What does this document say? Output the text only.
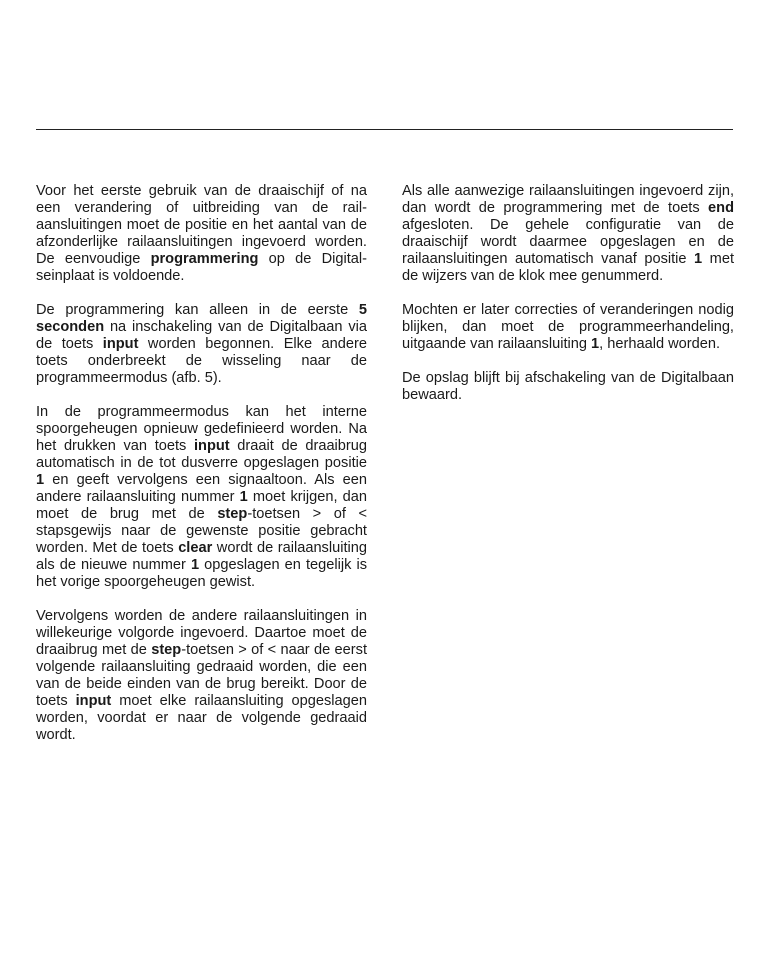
Voor het eerste gebruik van de draaischijf of na een verandering of uitbreiding van de railaansluitingen moet de positie en het aantal van de afzonderlijke railaansluitingen ingevoerd worden. De eenvoudige programmering op de Digital-seinplaat is voldoende.

De programmering kan alleen in de eerste 5 seconden na inschakeling van de Digitalbaan via de toets input worden begonnen. Elke andere toets onderbreekt de wisseling naar de programmeermodus (afb. 5).

In de programmeermodus kan het interne spoorgeheugen opnieuw gedefinieerd worden. Na het drukken van toets input draait de draaibrug automatisch in de tot dusverre opgeslagen positie 1 en geeft vervolgens een signaaltoon. Als een andere railaansluiting nummer 1 moet krijgen, dan moet de brug met de step-toetsen > of < stapsgewijs naar de gewenste positie gebracht worden. Met de toets clear wordt de railaansluiting als de nieuwe nummer 1 opgeslagen en tegelijk is het vorige spoorgeheugen gewist.

Vervolgens worden de andere railaansluitingen in willekeurige volgorde ingevoerd. Daartoe moet de draaibrug met de step-toetsen > of < naar de eerst volgende railaansluiting gedraaid worden, die een van de beide einden van de brug bereikt. Door de toets input moet elke railaansluiting opgeslagen worden, voordat er naar de volgende gedraaid wordt.

Als alle aanwezige railaansluitingen ingevoerd zijn, dan wordt de programmering met de toets end afgesloten. De gehele configuratie van de draaischijf wordt daarmee opgeslagen en de railaansluitingen automatisch vanaf positie 1 met de wijzers van de klok mee genummerd.

Mochten er later correcties of veranderingen nodig blijken, dan moet de programmeerhandeling, uitgaande van railaansluiting 1, herhaald worden.

De opslag blijft bij afschakeling van de Digitalbaan bewaard.
